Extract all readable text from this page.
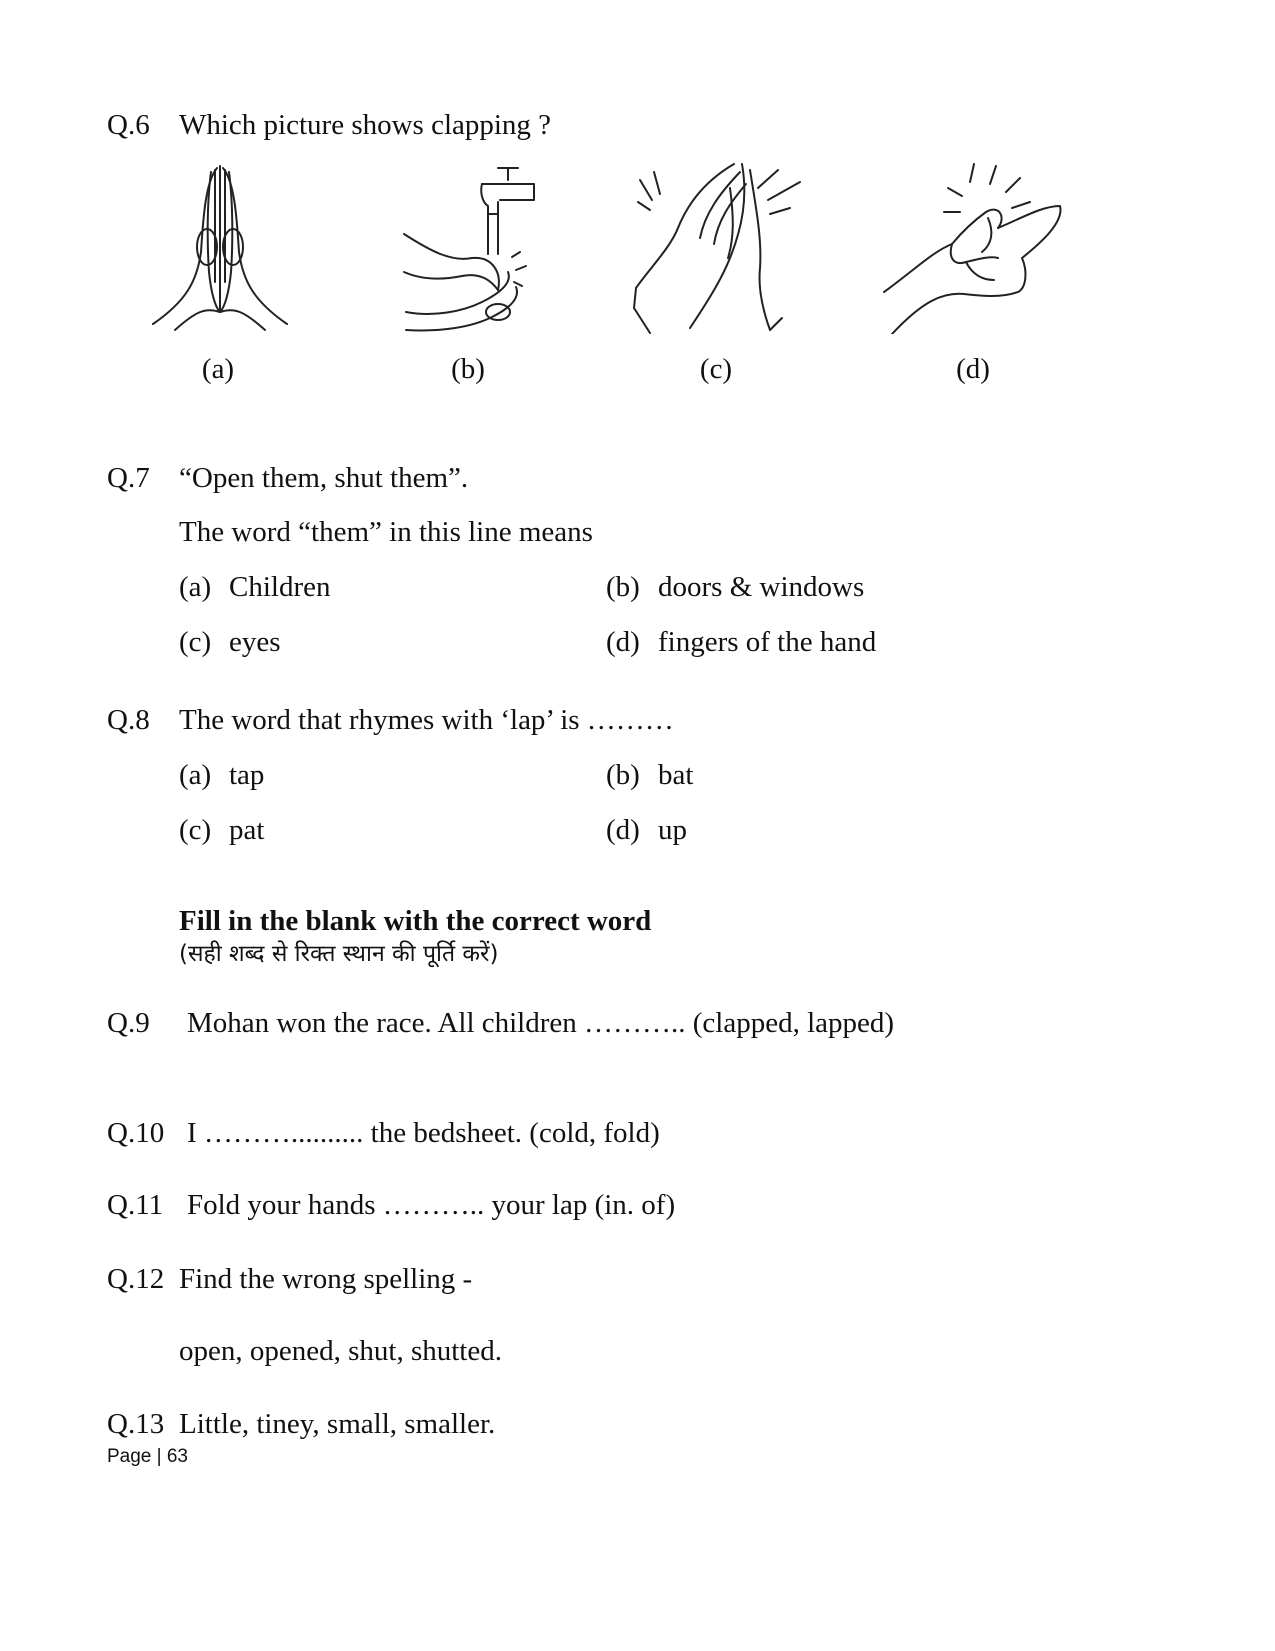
Q.6 Which picture shows clapping ?
(a)	(b)	(c)	(d)
Q.7 “Open them, shut them”.
The word “them” in this line means
(a) Children	(b) doors & windows
(c) eyes	(d) fingers of the hand
Q.8 The word that rhymes with ‘lap’ is ………
(a) tap	(b) bat
(c) pat	(d) up
Fill in the blank with the correct word
(सही शब्द से रिक्त स्थान की पूर्ति करें)
Q.9 Mohan won the race. All children ……….. (clapped, lapped)
Q.10 I ……….......... the bedsheet. (cold, fold)
Q.11 Fold your hands ……….. your lap (in. of)
Q.12 Find the wrong spelling -
open, opened, shut, shutted.
Q.13 Little, tiney, small, smaller.
Page | 63
